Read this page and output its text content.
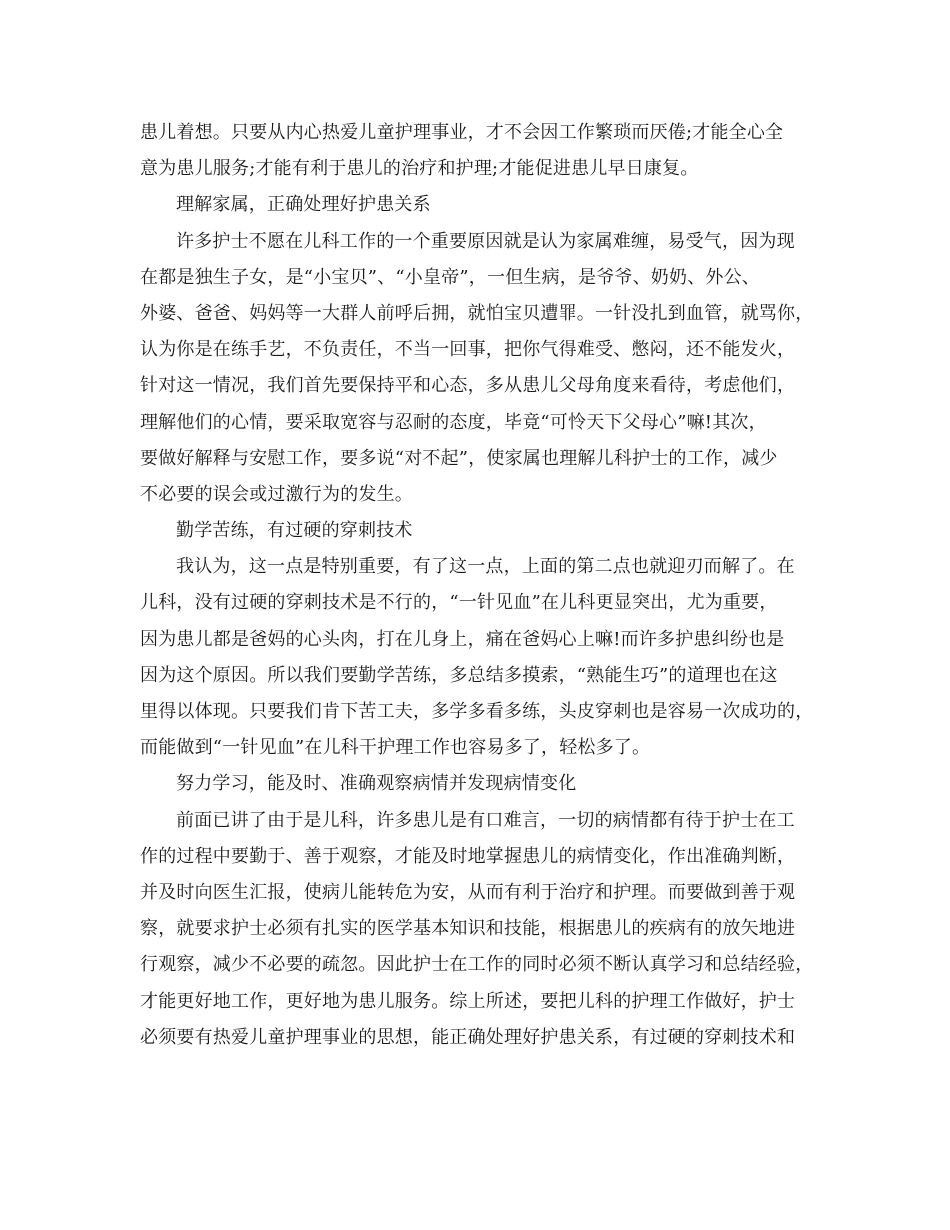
患儿着想。只要从内心热爱儿童护理事业，才不会因工作繁琐而厌倦;才能全心全
意为患儿服务;才能有利于患儿的治疗和护理;才能促进患儿早日康复。
理解家属，正确处理好护患关系
许多护士不愿在儿科工作的一个重要原因就是认为家属难缠，易受气，因为现
在都是独生子女，是“小宝贝”、“小皇帝”，一但生病，是爷爷、奶奶、外公、
外婆、爸爸、妈妈等一大群人前呼后拥，就怕宝贝遭罪。一针没扎到血管，就骂你，
认为你是在练手艺，不负责任，不当一回事，把你气得难受、憋闷，还不能发火，
针对这一情况，我们首先要保持平和心态，多从患儿父母角度来看待，考虑他们，
理解他们的心情，要采取宽容与忍耐的态度，毕竟“可怜天下父母心”嘛!其次，
要做好解释与安慰工作，要多说“对不起”，使家属也理解儿科护士的工作，减少
不必要的误会或过激行为的发生。
勤学苦练，有过硬的穿刺技术
我认为，这一点是特别重要，有了这一点，上面的第二点也就迎刃而解了。在
儿科，没有过硬的穿刺技术是不行的，“一针见血”在儿科更显突出，尤为重要，
因为患儿都是爸妈的心头肉，打在儿身上，痛在爸妈心上嘛!而许多护患纠纷也是
因为这个原因。所以我们要勤学苦练，多总结多摸索，“熟能生巧”的道理也在这
里得以体现。只要我们肯下苦工夫，多学多看多练，头皮穿刺也是容易一次成功的，
而能做到“一针见血”在儿科干护理工作也容易多了，轻松多了。
努力学习，能及时、准确观察病情并发现病情变化
前面已讲了由于是儿科，许多患儿是有口难言，一切的病情都有待于护士在工
作的过程中要勤于、善于观察，才能及时地掌握患儿的病情变化，作出准确判断，
并及时向医生汇报，使病儿能转危为安，从而有利于治疗和护理。而要做到善于观
察，就要求护士必须有扎实的医学基本知识和技能，根据患儿的疾病有的放矢地进
行观察，减少不必要的疏忽。因此护士在工作的同时必须不断认真学习和总结经验，
才能更好地工作，更好地为患儿服务。综上所述，要把儿科的护理工作做好，护士
必须要有热爱儿童护理事业的思想，能正确处理好护患关系，有过硬的穿刺技术和
